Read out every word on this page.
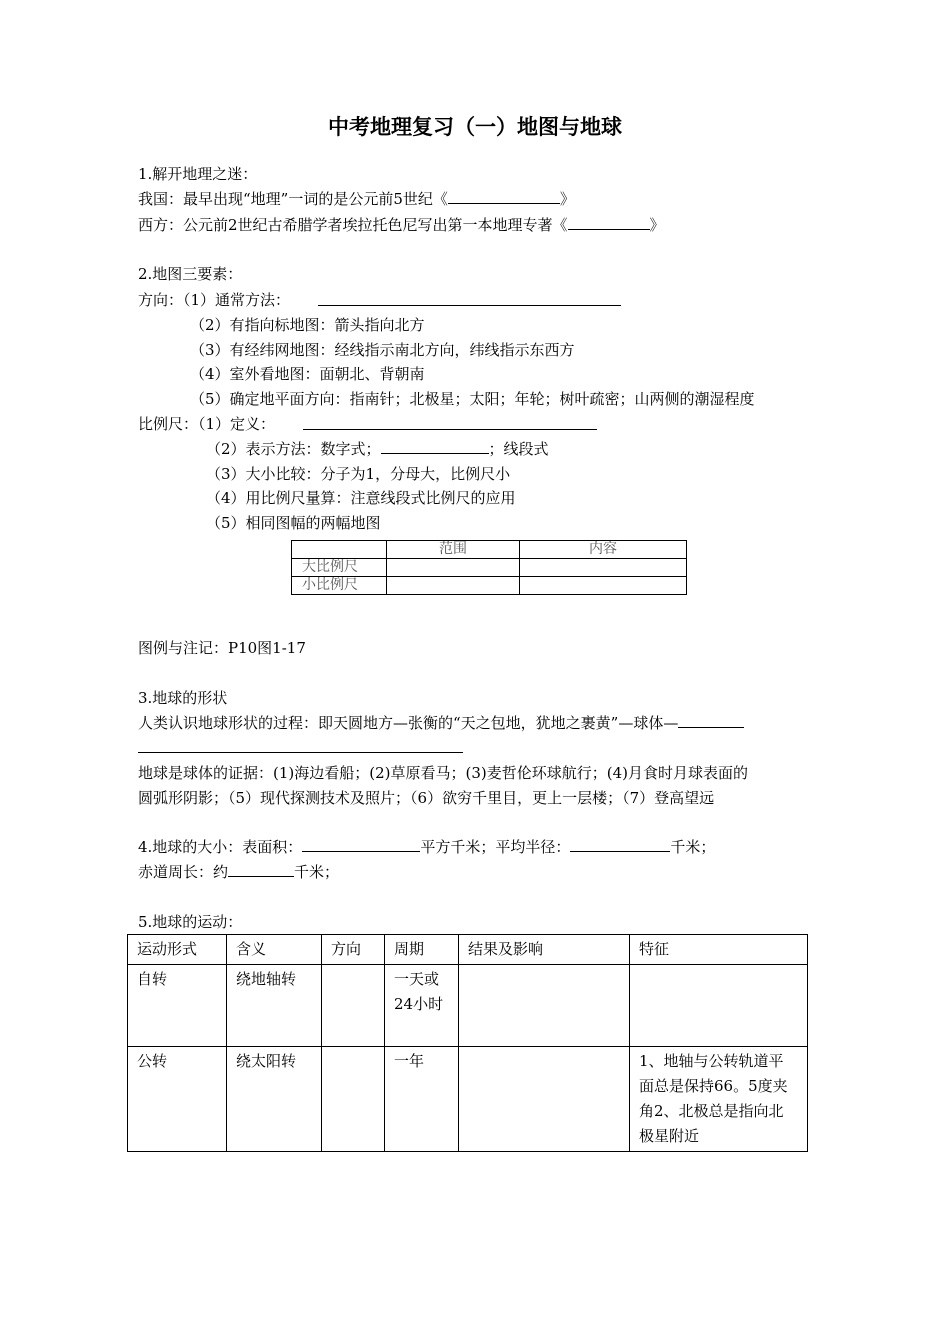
中考地理复习（一）地图与地球
1.解开地理之迷：
我国：最早出现“地理”一词的是公元前5世纪《	》
西方：公元前2世纪古希腊学者埃拉托色尼写出第一本地理专著《	》
2.地图三要素：
方向：（1）通常方法：
（2）有指向标地图：箭头指向北方
（3）有经纬网地图：经线指示南北方向，纬线指示东西方
（4）室外看地图：面朝北、背朝南
（5）确定地平面方向：指南针；北极星；太阳；年轮；树叶疏密；山两侧的潮湿程度
比例尺：（1）定义：
（2）表示方法：数字式；	；线段式
（3）大小比较：分子为1，分母大，比例尺小
（4）用比例尺量算：注意线段式比例尺的应用
（5）相同图幅的两幅地图
	范围	内容
大比例尺		
小比例尺		
图例与注记：P10图1-17
3.地球的形状
人类认识地球形状的过程：即天圆地方—张衡的“天之包地，犹地之裹黄”—球体—
地球是球体的证据：(1)海边看船；(2)草原看马；(3)麦哲伦环球航行；(4)月食时月球表面的
圆弧形阴影；（5）现代探测技术及照片；（6）欲穷千里目，更上一层楼；（7）登高望远
4.地球的大小：表面积：	平方千米；平均半径：	千米；
赤道周长：约	千米；
5.地球的运动：
运动形式	含义	方向	周期	结果及影响	特征
自转	绕地轴转		一天或
24小时		

公转	绕太阳转		一年		1、地轴与公转轨道平
面总是保持66。5度夹
角2、北极总是指向北
极星附近
